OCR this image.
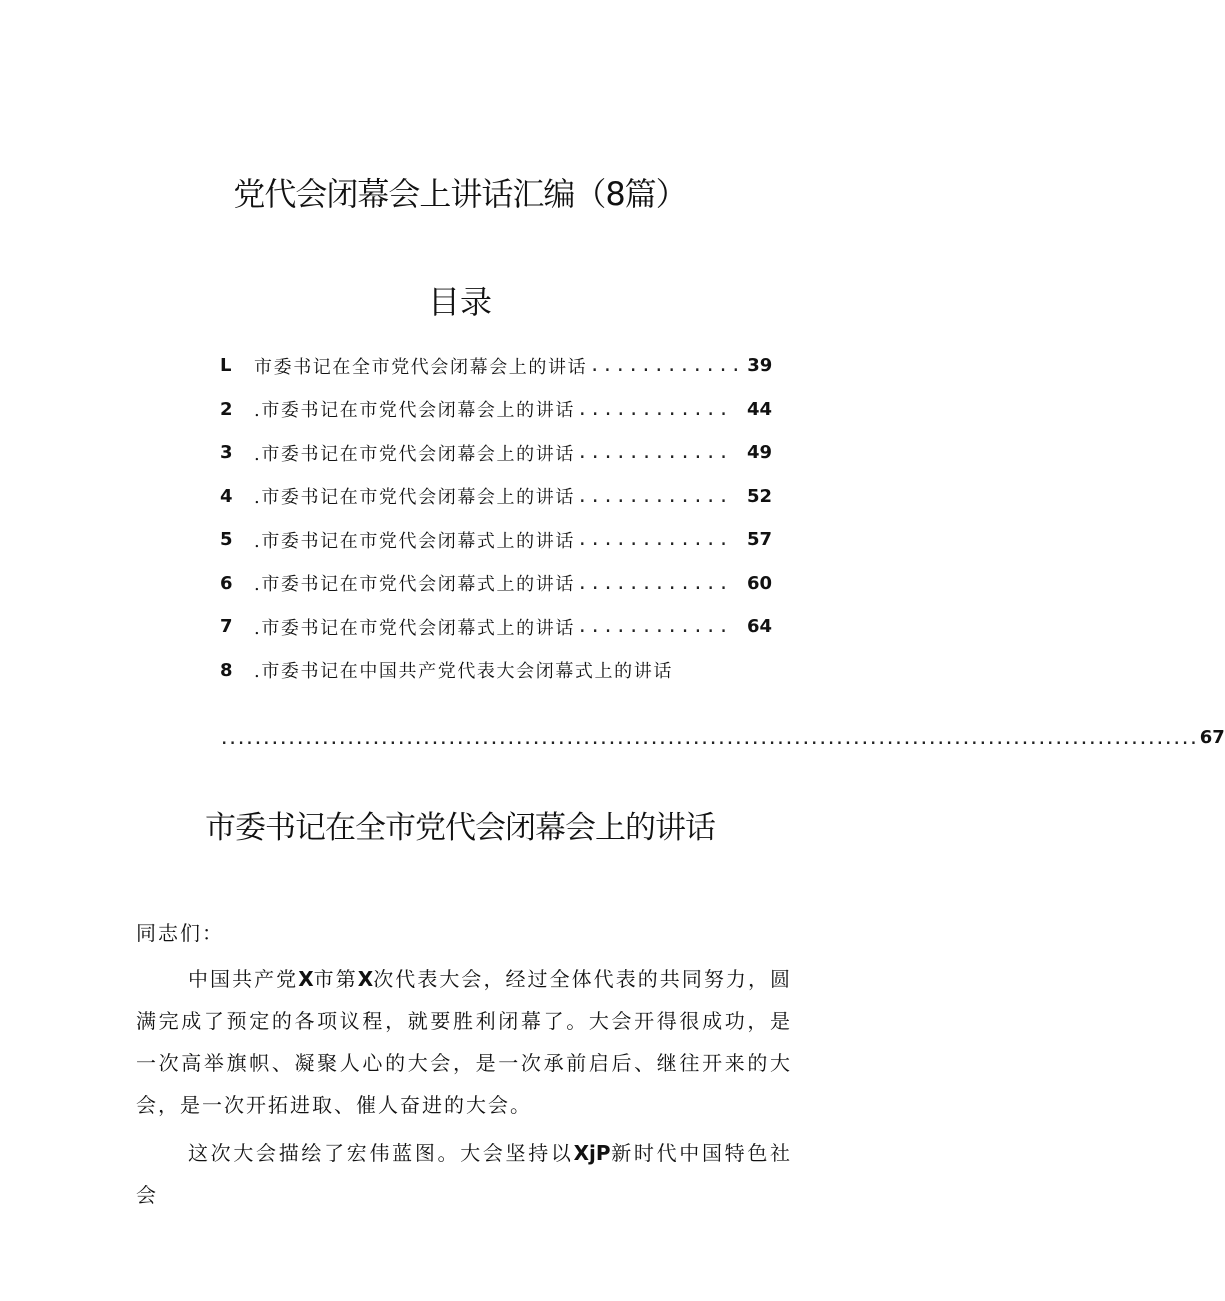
党代会闭幕会上讲话汇编（8篇）
目录
L	市委书记在全市党代会闭幕会上的讲话 ............ 39
2	.市委书记在市党代会闭幕会上的讲话 ............ 44
3	.市委书记在市党代会闭幕会上的讲话 ............ 49
4	.市委书记在市党代会闭幕会上的讲话 ............ 52
5	.市委书记在市党代会闭幕式上的讲话 ............ 57
6	.市委书记在市党代会闭幕式上的讲话 ............ 60
7	.市委书记在市党代会闭幕式上的讲话 ............ 64
8	.市委书记在中国共产党代表大会闭幕式上的讲话
.................................................................................................................... 67
市委书记在全市党代会闭幕会上的讲话

同志们：

中国共产党X市第X次代表大会，经过全体代表的共同努力，圆满完成了预定的各项议程，就要胜利闭幕了。大会开得很成功，是一次高举旗帜、凝聚人心的大会，是一次承前启后、继往开来的大会，是一次开拓进取、催人奋进的大会。

这次大会描绘了宏伟蓝图。大会坚持以XjP新时代中国特色社会
